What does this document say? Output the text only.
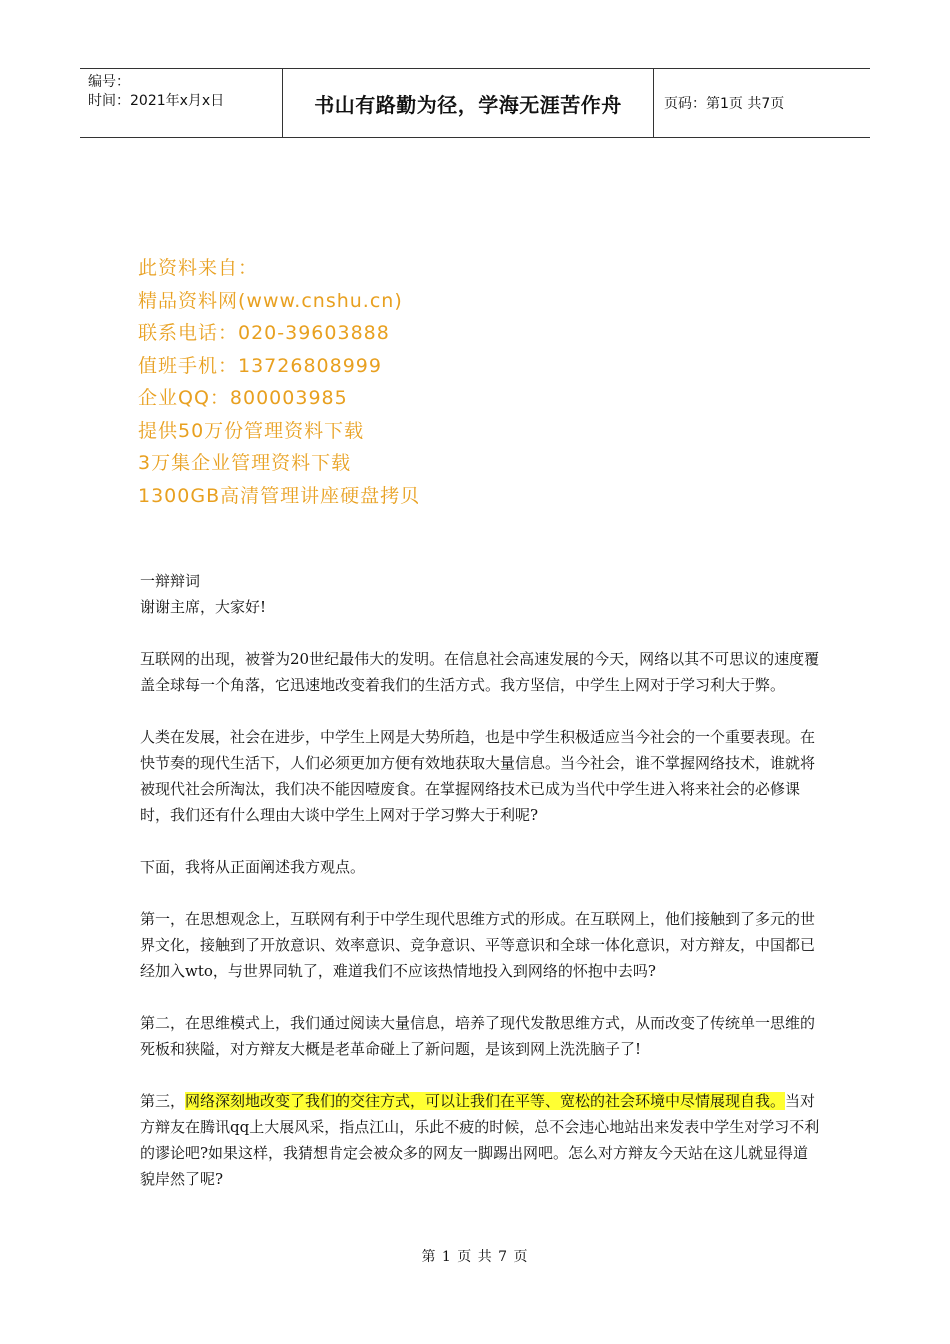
编号：
时间：2021年x月x日	书山有路勤为径，学海无涯苦作舟	页码：第1页 共7页
此资料来自：
精品资料网(www.cnshu.cn)
联系电话：020-39603888
值班手机：13726808999
企业QQ：800003985
提供50万份管理资料下载
3万集企业管理资料下载
1300GB高清管理讲座硬盘拷贝

一辩辩词

谢谢主席，大家好!

互联网的出现，被誉为20世纪最伟大的发明。在信息社会高速发展的今天，网络以其不可思议的速度覆盖全球每一个角落，它迅速地改变着我们的生活方式。我方坚信，中学生上网对于学习利大于弊。

人类在发展，社会在进步，中学生上网是大势所趋，也是中学生积极适应当今社会的一个重要表现。在快节奏的现代生活下，人们必须更加方便有效地获取大量信息。当今社会，谁不掌握网络技术，谁就将被现代社会所淘汰，我们决不能因噎废食。在掌握网络技术已成为当代中学生进入将来社会的必修课时，我们还有什么理由大谈中学生上网对于学习弊大于利呢?

下面，我将从正面阐述我方观点。

第一，在思想观念上，互联网有利于中学生现代思维方式的形成。在互联网上，他们接触到了多元的世界文化，接触到了开放意识、效率意识、竞争意识、平等意识和全球一体化意识，对方辩友，中国都已经加入wto，与世界同轨了，难道我们不应该热情地投入到网络的怀抱中去吗?

第二，在思维模式上，我们通过阅读大量信息，培养了现代发散思维方式，从而改变了传统单一思维的死板和狭隘，对方辩友大概是老革命碰上了新问题，是该到网上洗洗脑子了!

第三，网络深刻地改变了我们的交往方式，可以让我们在平等、宽松的社会环境中尽情展现自我。当对方辩友在腾讯qq上大展风采，指点江山，乐此不疲的时候，总不会违心地站出来发表中学生对学习不利的谬论吧?如果这样，我猜想肯定会被众多的网友一脚踢出网吧。怎么对方辩友今天站在这儿就显得道貌岸然了呢?

第 1 页 共 7 页
